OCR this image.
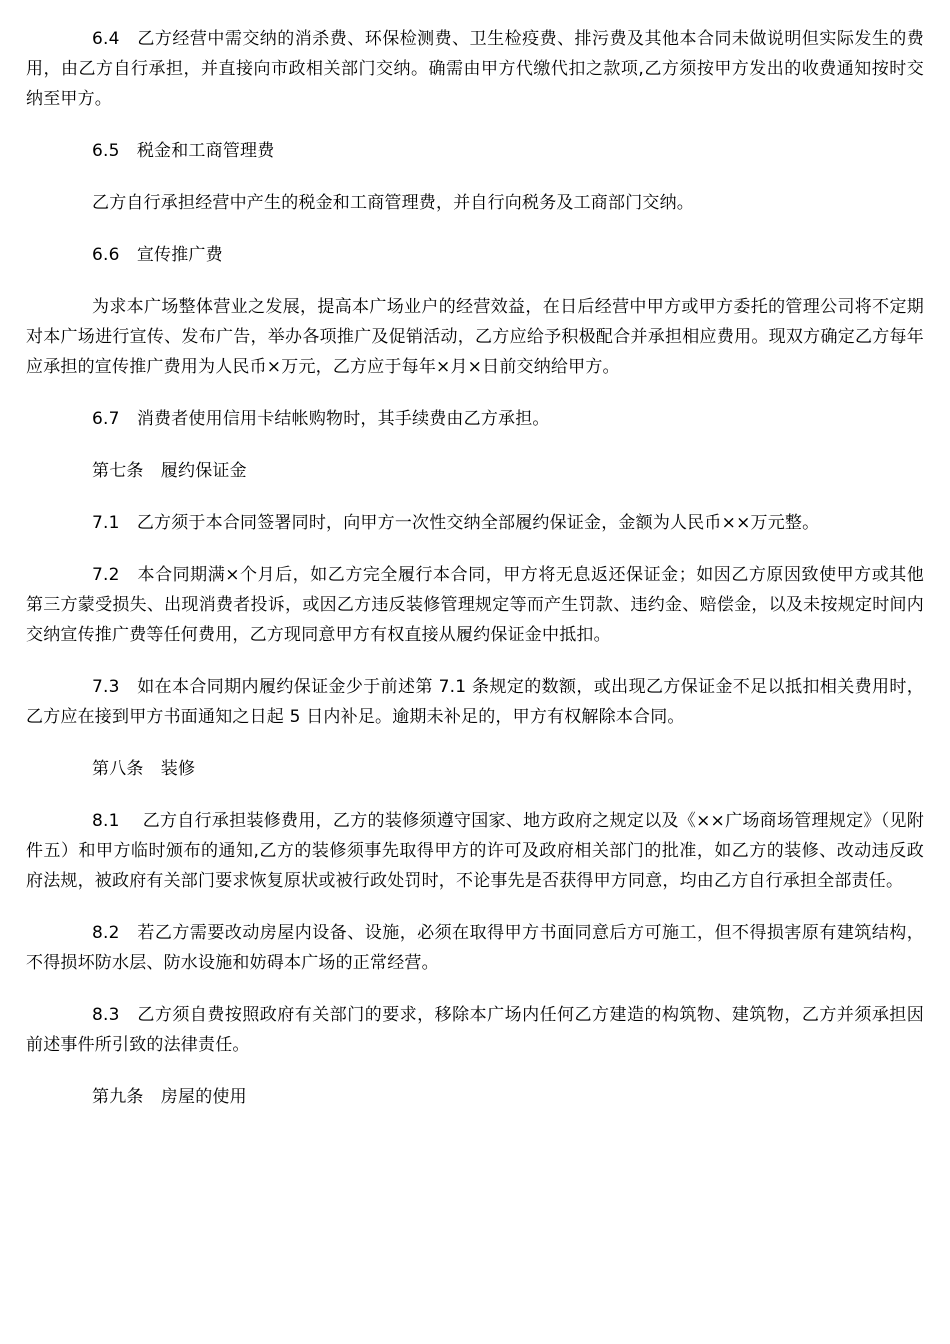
6.4　乙方经营中需交纳的消杀费、环保检测费、卫生检疫费、排污费及其他本合同未做说明但实际发生的费用，由乙方自行承担，并直接向市政相关部门交纳。确需由甲方代缴代扣之款项,乙方须按甲方发出的收费通知按时交纳至甲方。

6.5　税金和工商管理费

乙方自行承担经营中产生的税金和工商管理费，并自行向税务及工商部门交纳。

6.6　宣传推广费

为求本广场整体营业之发展，提高本广场业户的经营效益，在日后经营中甲方或甲方委托的管理公司将不定期对本广场进行宣传、发布广告，举办各项推广及促销活动，乙方应给予积极配合并承担相应费用。现双方确定乙方每年应承担的宣传推广费用为人民币×万元，乙方应于每年×月×日前交纳给甲方。

6.7　消费者使用信用卡结帐购物时，其手续费由乙方承担。

第七条　履约保证金

7.1　乙方须于本合同签署同时，向甲方一次性交纳全部履约保证金，金额为人民币××万元整。

7.2　本合同期满×个月后，如乙方完全履行本合同，甲方将无息返还保证金；如因乙方原因致使甲方或其他第三方蒙受损失、出现消费者投诉，或因乙方违反装修管理规定等而产生罚款、违约金、赔偿金，以及未按规定时间内交纳宣传推广费等任何费用，乙方现同意甲方有权直接从履约保证金中抵扣。

7.3　如在本合同期内履约保证金少于前述第 7.1 条规定的数额，或出现乙方保证金不足以抵扣相关费用时，乙方应在接到甲方书面通知之日起 5 日内补足。逾期未补足的，甲方有权解除本合同。

第八条　装修

8.1　 乙方自行承担装修费用，乙方的装修须遵守国家、地方政府之规定以及《××广场商场管理规定》（见附件五）和甲方临时颁布的通知,乙方的装修须事先取得甲方的许可及政府相关部门的批准，如乙方的装修、改动违反政府法规，被政府有关部门要求恢复原状或被行政处罚时，不论事先是否获得甲方同意，均由乙方自行承担全部责任。

8.2　若乙方需要改动房屋内设备、设施，必须在取得甲方书面同意后方可施工，但不得损害原有建筑结构，不得损坏防水层、防水设施和妨碍本广场的正常经营。

8.3　乙方须自费按照政府有关部门的要求，移除本广场内任何乙方建造的构筑物、建筑物，乙方并须承担因前述事件所引致的法律责任。

第九条　房屋的使用
